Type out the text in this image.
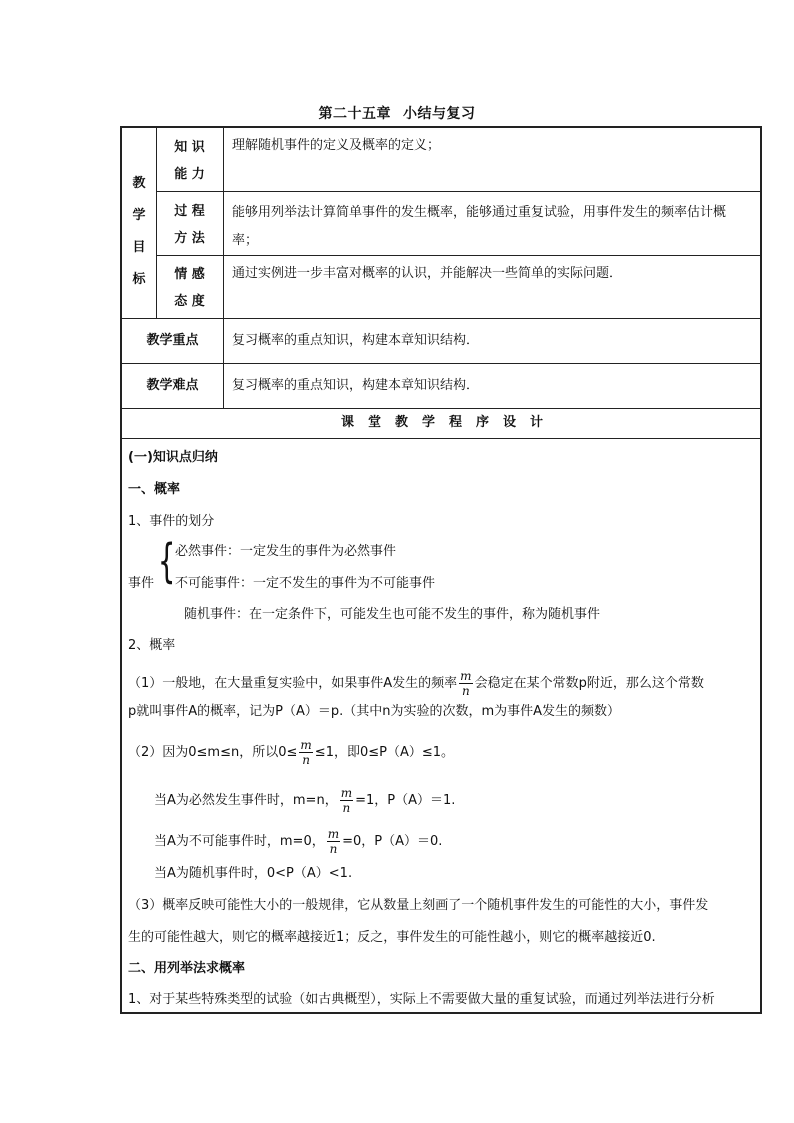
第二十五章 小结与复习
教
学
目
标
知 识
能 力
理解随机事件的定义及概率的定义；
过 程
方 法
能够用列举法计算简单事件的发生概率，能够通过重复试验，用事件发生的频率估计概
率；
情 感
态 度
通过实例进一步丰富对概率的认识，并能解决一些简单的实际问题．
教学重点	复习概率的重点知识，构建本章知识结构．
教学难点	复习概率的重点知识，构建本章知识结构．
课堂教学程序设计
(一)知识点归纳
一、概率
1、事件的划分
必然事件：一定发生的事件为必然事件
{
事件 不可能事件：一定不发生的事件为不可能事件
随机事件：在一定条件下，可能发生也可能不发生的事件，称为随机事件
2、概率
（1）一般地，在大量重复实验中，如果事件A发生的频率 $\frac{m}{n}$ 会稳定在某个常数p附近，那么这个常数
p就叫事件A的概率，记为P（A）＝p.（其中n为实验的次数，m为事件A发生的频数）
（2）因为0≤m≤n，所以$0\le \frac{m}{n} \le 1$，即0≤P（A）≤1。
当A为必然发生事件时，m=n， $\frac{m}{n} =1$，P（A）＝1.
当A为不可能事件时，m=0， $\frac{m}{n} =0$，P（A）＝0.
当A为随机事件时，0<P（A）<1.
（3）概率反映可能性大小的一般规律，它从数量上刻画了一个随机事件发生的可能性的大小，事件发
生的可能性越大，则它的概率越接近1；反之，事件发生的可能性越小，则它的概率越接近0.
二、用列举法求概率
1、对于某些特殊类型的试验（如古典概型），实际上不需要做大量的重复试验，而通过列举法进行分析
